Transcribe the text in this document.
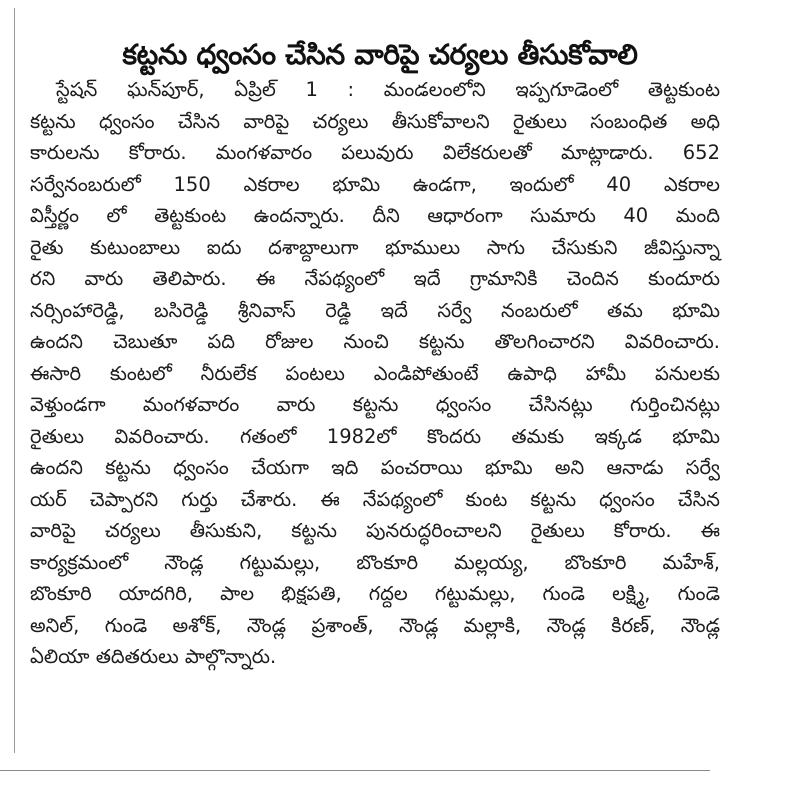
కట్టను ధ్వంసం చేసిన వారిపై చర్యలు తీసుకోవాలి
స్టేషన్ ఘన్‌పూర్, ఏప్రిల్ 1 : మండలంలోని ఇప్పగూడెంలో తెట్టకుంట
కట్టను ధ్వంసం చేసిన వారిపై చర్యలు తీసుకోవాలని రైతులు సంబంధిత అధి
కారులను కోరారు. మంగళవారం పలువురు విలేకరులతో మాట్లాడారు. 652
సర్వేనంబరులో 150 ఎకరాల భూమి ఉండగా, ఇందులో 40 ఎకరాల
విస్తీర్ణం లో తెట్టకుంట ఉందన్నారు. దీని ఆధారంగా సుమారు 40 మంది
రైతు కుటుంబాలు ఐదు దశాబ్దాలుగా భూములు సాగు చేసుకుని జీవిస్తున్నా
రని వారు తెలిపారు. ఈ నేపథ్యంలో ఇదే గ్రామానికి చెందిన కుందూరు
నర్సింహారెడ్డి, బసిరెడ్డి శ్రీనివాస్ రెడ్డి ఇదే సర్వే నంబరులో తమ భూమి
ఉందని చెబుతూ పది రోజుల నుంచి కట్టను తొలగించారని వివరించారు.
ఈసారి కుంటలో నీరులేక పంటలు ఎండిపోతుంటే ఉపాధి హామీ పనులకు
వెళ్తుండగా మంగళవారం వారు కట్టను ధ్వంసం చేసినట్లు గుర్తించినట్లు
రైతులు వివరించారు. గతంలో 1982లో కొందరు తమకు ఇక్కడ భూమి
ఉందని కట్టను ధ్వంసం చేయగా ఇది పంచరాయి భూమి అని ఆనాడు సర్వే
యర్ చెప్పారని గుర్తు చేశారు. ఈ నేపథ్యంలో కుంట కట్టను ధ్వంసం చేసిన
వారిపై చర్యలు తీసుకుని, కట్టను పునరుద్ధరించాలని రైతులు కోరారు. ఈ
కార్యక్రమంలో నౌండ్ల గట్టుమల్లు, బొంకూరి మల్లయ్య, బొంకూరి మహేశ్,
బొంకూరి యాదగిరి, పాల భిక్షపతి, గద్దల గట్టుమల్లు, గుండె లక్ష్మి, గుండె
అనిల్, గుండె అశోక్, నౌండ్ల ప్రశాంత్, నౌండ్ల మల్లాకి, నౌండ్ల కిరణ్, నౌండ్ల
ఏలియా తదితరులు పాల్గొన్నారు.
